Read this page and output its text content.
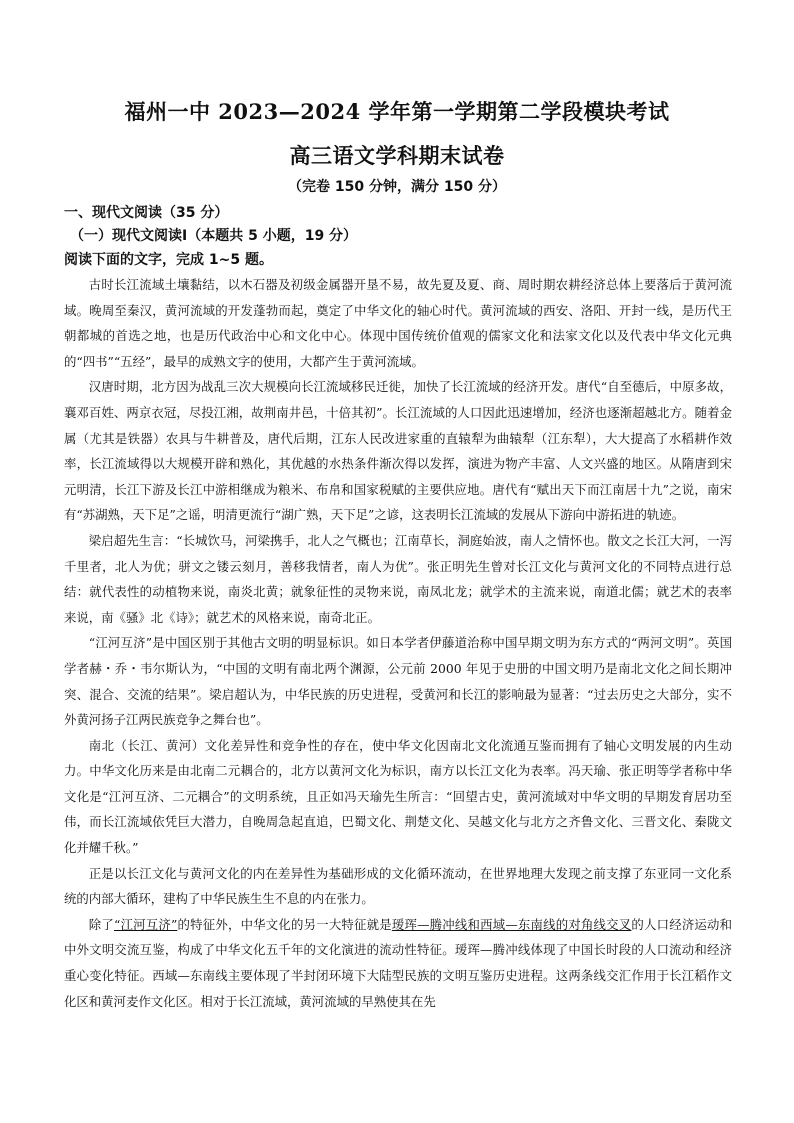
福州一中 2023—2024 学年第一学期第二学段模块考试
高三语文学科期末试卷
（完卷 150 分钟，满分 150 分）
一、现代文阅读（35 分）
（一）现代文阅读Ⅰ（本题共 5 小题，19 分）
阅读下面的文字，完成 1~5 题。

古时长江流域土壤黏结，以木石器及初级金属器开垦不易，故先夏及夏、商、周时期农耕经济总体上要落后于黄河流域。晚周至秦汉，黄河流域的开发蓬勃而起，奠定了中华文化的轴心时代。黄河流域的西安、洛阳、开封一线，是历代王朝都城的首选之地，也是历代政治中心和文化中心。体现中国传统价值观的儒家文化和法家文化以及代表中华文化元典的“四书”“五经”，最早的成熟文字的使用，大都产生于黄河流域。

汉唐时期，北方因为战乱三次大规模向长江流域移民迁徙，加快了长江流域的经济开发。唐代“自至德后，中原多故，襄邓百姓、两京衣冠，尽投江湘，故荆南井邑，十倍其初”。长江流域的人口因此迅速增加，经济也逐渐超越北方。随着金属（尤其是铁器）农具与牛耕普及，唐代后期，江东人民改进家重的直辕犁为曲辕犁（江东犁），大大提高了水稻耕作效率，长江流域得以大规模开辟和熟化，其优越的水热条件渐次得以发挥，演进为物产丰富、人文兴盛的地区。从隋唐到宋元明清，长江下游及长江中游相继成为粮米、布帛和国家税赋的主要供应地。唐代有“赋出天下而江南居十九”之说，南宋有“苏湖熟，天下足”之谣，明清更流行“湖广熟，天下足”之谚，这表明长江流域的发展从下游向中游拓进的轨迹。

梁启超先生言：“长城饮马，河梁携手，北人之气概也；江南草长，洞庭始波，南人之情怀也。散文之长江大河，一泻千里者，北人为优；骈文之镂云刻月，善移我情者，南人为优”。张正明先生曾对长江文化与黄河文化的不同特点进行总结：就代表性的动植物来说，南炎北黄；就象征性的灵物来说，南凤北龙；就学术的主流来说，南道北儒；就艺术的表率来说，南《骚》北《诗》；就艺术的风格来说，南奇北正。

“江河互济”是中国区别于其他古文明的明显标识。如日本学者伊藤道治称中国早期文明为东方式的“两河文明”。英国学者赫・乔・韦尔斯认为，“中国的文明有南北两个渊源，公元前 2000 年见于史册的中国文明乃是南北文化之间长期冲突、混合、交流的结果”。梁启超认为，中华民族的历史进程，受黄河和长江的影响最为显著：“过去历史之大部分，实不外黄河扬子江两民族竞争之舞台也”。

南北（长江、黄河）文化差异性和竞争性的存在，使中华文化因南北文化流通互鉴而拥有了轴心文明发展的内生动力。中华文化历来是由北南二元耦合的，北方以黄河文化为标识，南方以长江文化为表率。冯天瑜、张正明等学者称中华文化是“江河互济、二元耦合”的文明系统，且正如冯天瑜先生所言：“回望古史，黄河流域对中华文明的早期发育居功至伟，而长江流域依凭巨大潜力，自晚周急起直追，巴蜀文化、荆楚文化、吴越文化与北方之齐鲁文化、三晋文化、秦陇文化并耀千秋。”

正是以长江文化与黄河文化的内在差异性为基础形成的文化循环流动，在世界地理大发现之前支撑了东亚同一文化系统的内部大循环，建构了中华民族生生不息的内在张力。

除了“江河互济”的特征外，中华文化的另一大特征就是瑷珲—腾冲线和西域—东南线的对角线交叉的人口经济运动和中外文明交流互鉴，构成了中华文化五千年的文化演进的流动性特征。瑷珲—腾冲线体现了中国长时段的人口流动和经济重心变化特征。西域—东南线主要体现了半封闭环境下大陆型民族的文明互鉴历史进程。这两条线交汇作用于长江稻作文化区和黄河麦作文化区。相对于长江流域，黄河流域的早熟使其在先
